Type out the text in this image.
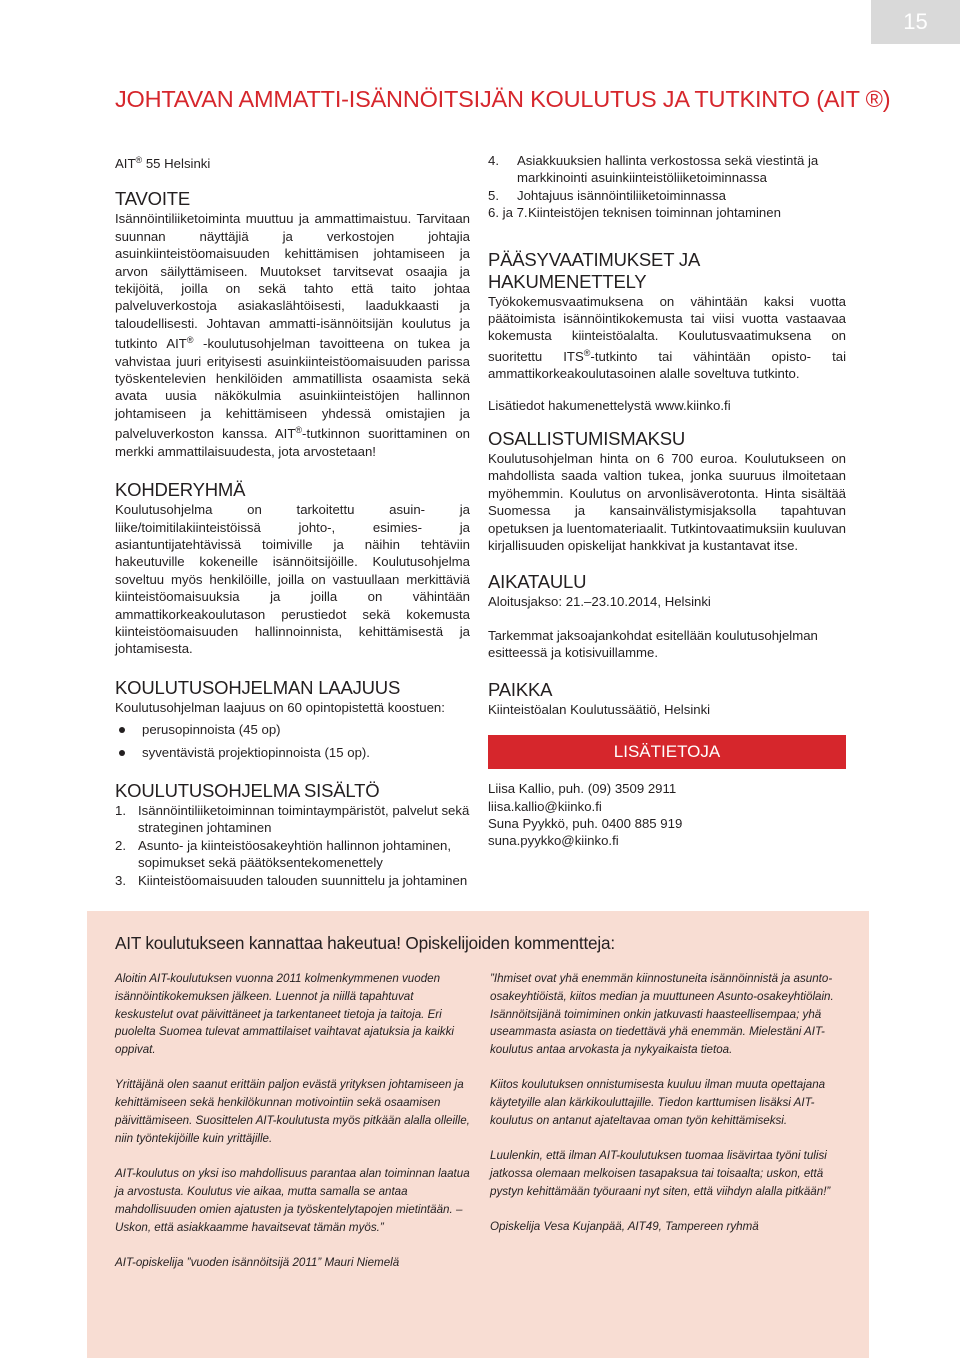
15
JOHTAVAN AMMATTI-ISÄNNÖITSIJÄN KOULUTUS JA TUTKINTO (AIT ®)

AIT® 55 Helsinki

TAVOITE

Isännöintiliiketoiminta muuttuu ja ammattimaistuu. Tarvitaan suunnan näyttäjiä ja verkostojen johtajia asuinkiinteistöomaisuuden kehittämisen johtamiseen ja arvon säilyttämiseen. Muutokset tarvitsevat osaajia ja tekijöitä, joilla on sekä tahto että taito johtaa palveluverkostoja asiakaslähtöisesti, laadukkaasti ja taloudellisesti. Johtavan ammatti-isännöitsijän koulutus ja tutkinto AIT® -koulutusohjelman tavoitteena on tukea ja vahvistaa juuri erityisesti asuinkiinteistöomaisuuden parissa työskentelevien henkilöiden ammatillista osaamista sekä avata uusia näkökulmia asuinkiinteistöjen hallinnon johtamiseen ja kehittämiseen yhdessä omistajien ja palveluverkoston kanssa. AIT®-tutkinnon suorittaminen on merkki ammattilaisuudesta, jota arvostetaan!

KOHDERYHMÄ

Koulutusohjelma on tarkoitettu asuin- ja liike/toimitilakiinteistöissä johto-, esimies- ja asiantuntijatehtävissä toimiville ja näihin tehtäviin hakeutuville kokeneille isännöitsijöille. Koulutusohjelma soveltuu myös henkilöille, joilla on vastuullaan merkittäviä kiinteistöomaisuuksia ja joilla on vähintään ammattikorkeakoulutason perustiedot sekä kokemusta kiinteistöomaisuuden hallinnoinnista, kehittämisestä ja johtamisesta.

KOULUTUSOHJELMAN LAAJUUS

Koulutusohjelman laajuus on 60 opintopistettä koostuen:

perusopinnoista (45 op)
syventävistä projektiopinnoista (15 op).
KOULUTUSOHJELMA SISÄLTÖ
1. Isännöintiliiketoiminnan toimintaympäristöt, palvelut sekä strateginen johtaminen
2. Asunto- ja kiinteistöosakeyhtiön hallinnon johtaminen, sopimukset sekä päätöksentekomenettely
3. Kiinteistöomaisuuden talouden suunnittelu ja johtaminen
4.	Asiakkuuksien hallinta verkostossa sekä viestintä ja markkinointi asuinkiinteistöliiketoiminnassa
5.	Johtajuus isännöintiliiketoiminnassa
6. ja 7. Kiinteistöjen teknisen toiminnan johtaminen
PÄÄSYVAATIMUKSET JA HAKUMENETTELY

Työkokemusvaatimuksena on vähintään kaksi vuotta päätoimista isännöintikokemusta tai viisi vuotta vastaavaa kokemusta kiinteistöalalta. Koulutusvaatimuksena on suoritettu ITS®-tutkinto tai vähintään opisto- tai ammattikorkeakoulutasoinen alalle soveltuva tutkinto.

Lisätiedot hakumenettelystä www.kiinko.fi

OSALLISTUMISMAKSU

Koulutusohjelman hinta on 6 700 euroa. Koulutukseen on mahdollista saada valtion tukea, jonka suuruus ilmoitetaan myöhemmin. Koulutus on arvonlisäverotonta. Hinta sisältää Suomessa ja kansainvälistymisjaksolla tapahtuvan opetuksen ja luentomateriaalit. Tutkintovaatimuksiin kuuluvan kirjallisuuden opiskelijat hankkivat ja kustantavat itse.

AIKATAULU

Aloitusjakso: 21.–23.10.2014, Helsinki

Tarkemmat jaksoajankohdat esitellään koulutusohjelman esitteessä ja kotisivuillamme.

PAIKKA

Kiinteistöalan Koulutussäätiö, Helsinki

LISÄTIETOJA

Liisa Kallio, puh. (09) 3509 2911

liisa.kallio@kiinko.fi

Suna Pyykkö, puh. 0400 885 919

suna.pyykko@kiinko.fi

AIT koulutukseen kannattaa hakeutua! Opiskelijoiden kommentteja:

Aloitin AIT-koulutuksen vuonna 2011 kolmenkymmenen vuoden isännöintikokemuksen jälkeen. Luennot ja niillä tapahtuvat keskustelut ovat päivittäneet ja tarkentaneet tietoja ja taitoja. Eri puolelta Suomea tulevat ammattilaiset vaihtavat ajatuksia ja kaikki oppivat.

Yrittäjänä olen saanut erittäin paljon evästä yrityksen johtamiseen ja kehittämiseen sekä henkilökunnan motivointiin sekä osaamisen päivittämiseen. Suosittelen AIT-koulutusta myös pitkään alalla olleille, niin työntekijöille kuin yrittäjille.

AIT-koulutus on yksi iso mahdollisuus parantaa alan toiminnan laatua ja arvostusta. Koulutus vie aikaa, mutta samalla se antaa mahdollisuuden omien ajatusten ja työskentelytapojen mietintään. – Uskon, että asiakkaamme havaitsevat tämän myös.”

AIT-opiskelija ”vuoden isännöitsijä 2011” Mauri Niemelä

”Ihmiset ovat yhä enemmän kiinnostuneita isännöinnistä ja asunto-osakeyhtiöistä, kiitos median ja muuttuneen Asunto-osakeyhtiölain. Isännöitsijänä toimiminen onkin jatkuvasti haasteellisempaa; yhä useammasta asiasta on tiedettävä yhä enemmän. Mielestäni AIT-koulutus antaa arvokasta ja nykyaikaista tietoa.

Kiitos koulutuksen onnistumisesta kuuluu ilman muuta opettajana käytetyille alan kärkikouluttajille. Tiedon karttumisen lisäksi AIT-koulutus on antanut ajateltavaa oman työn kehittämiseksi.

Luulenkin, että ilman AIT-koulutuksen tuomaa lisävirtaa työni tulisi jatkossa olemaan melkoisen tasapaksua tai toisaalta; uskon, että pystyn kehittämään työuraani nyt siten, että viihdyn alalla pitkään!”

Opiskelija Vesa Kujanpää, AIT49, Tampereen ryhmä
